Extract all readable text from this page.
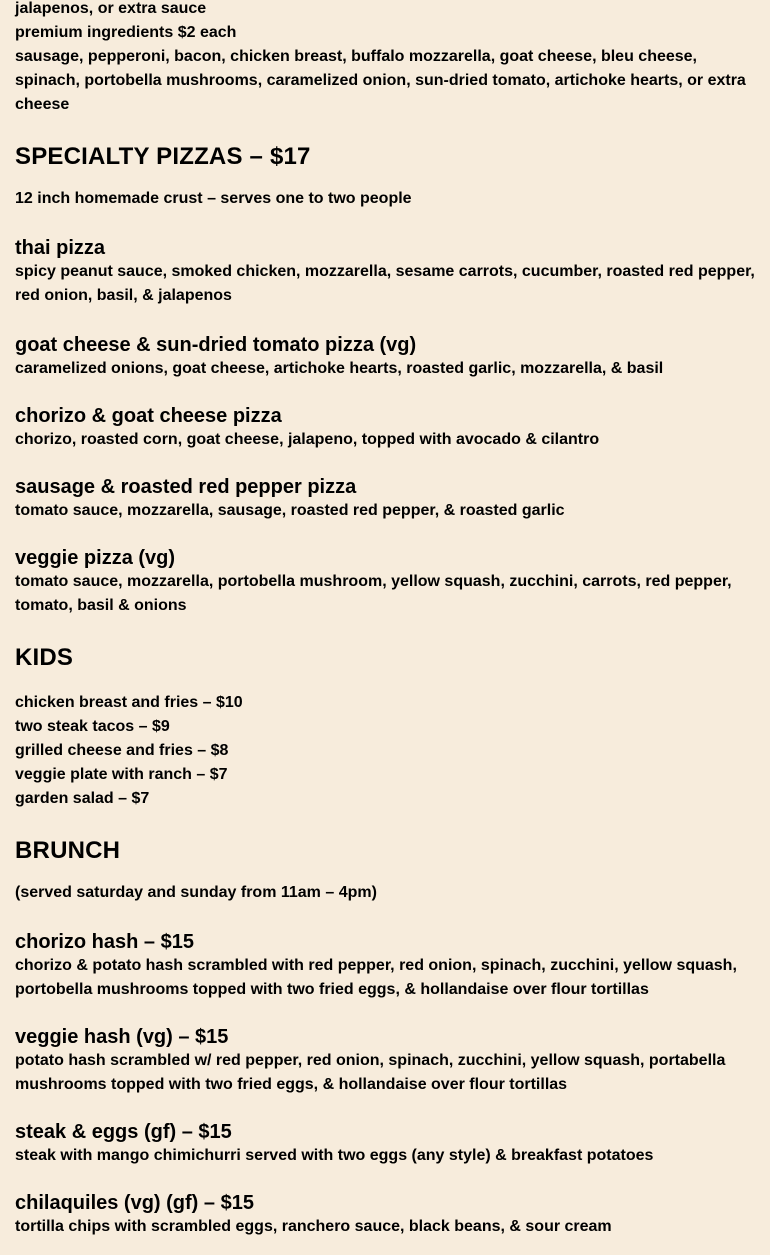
jalapenos, or extra sauce

premium ingredients $2 each

sausage, pepperoni, bacon, chicken breast, buffalo mozzarella, goat cheese, bleu cheese, spinach, portobella mushrooms, caramelized onion, sun-dried tomato, artichoke hearts, or extra cheese

SPECIALTY PIZZAS – $17

12 inch homemade crust – serves one to two people

thai pizza

spicy peanut sauce, smoked chicken, mozzarella, sesame carrots, cucumber, roasted red pepper, red onion, basil, & jalapenos

goat cheese & sun-dried tomato pizza (vg)

caramelized onions, goat cheese, artichoke hearts, roasted garlic, mozzarella, & basil

chorizo & goat cheese pizza

chorizo, roasted corn, goat cheese, jalapeno, topped with avocado & cilantro

sausage & roasted red pepper pizza

tomato sauce, mozzarella, sausage, roasted red pepper, & roasted garlic

veggie pizza (vg)

tomato sauce, mozzarella, portobella mushroom, yellow squash, zucchini, carrots, red pepper, tomato, basil & onions

KIDS

chicken breast and fries – $10

two steak tacos – $9

grilled cheese and fries – $8

veggie plate with ranch – $7

garden salad – $7

BRUNCH

(served saturday and sunday from 11am – 4pm)

chorizo hash – $15

chorizo & potato hash scrambled with red pepper, red onion, spinach, zucchini, yellow squash, portobella mushrooms topped with two fried eggs, & hollandaise over flour tortillas

veggie hash (vg) – $15

potato hash scrambled w/ red pepper, red onion, spinach, zucchini, yellow squash, portabella mushrooms topped with two fried eggs, & hollandaise over flour tortillas

steak & eggs (gf) – $15

steak with mango chimichurri served with two eggs (any style) & breakfast potatoes

chilaquiles (vg) (gf) – $15

tortilla chips with scrambled eggs, ranchero sauce, black beans, & sour cream
